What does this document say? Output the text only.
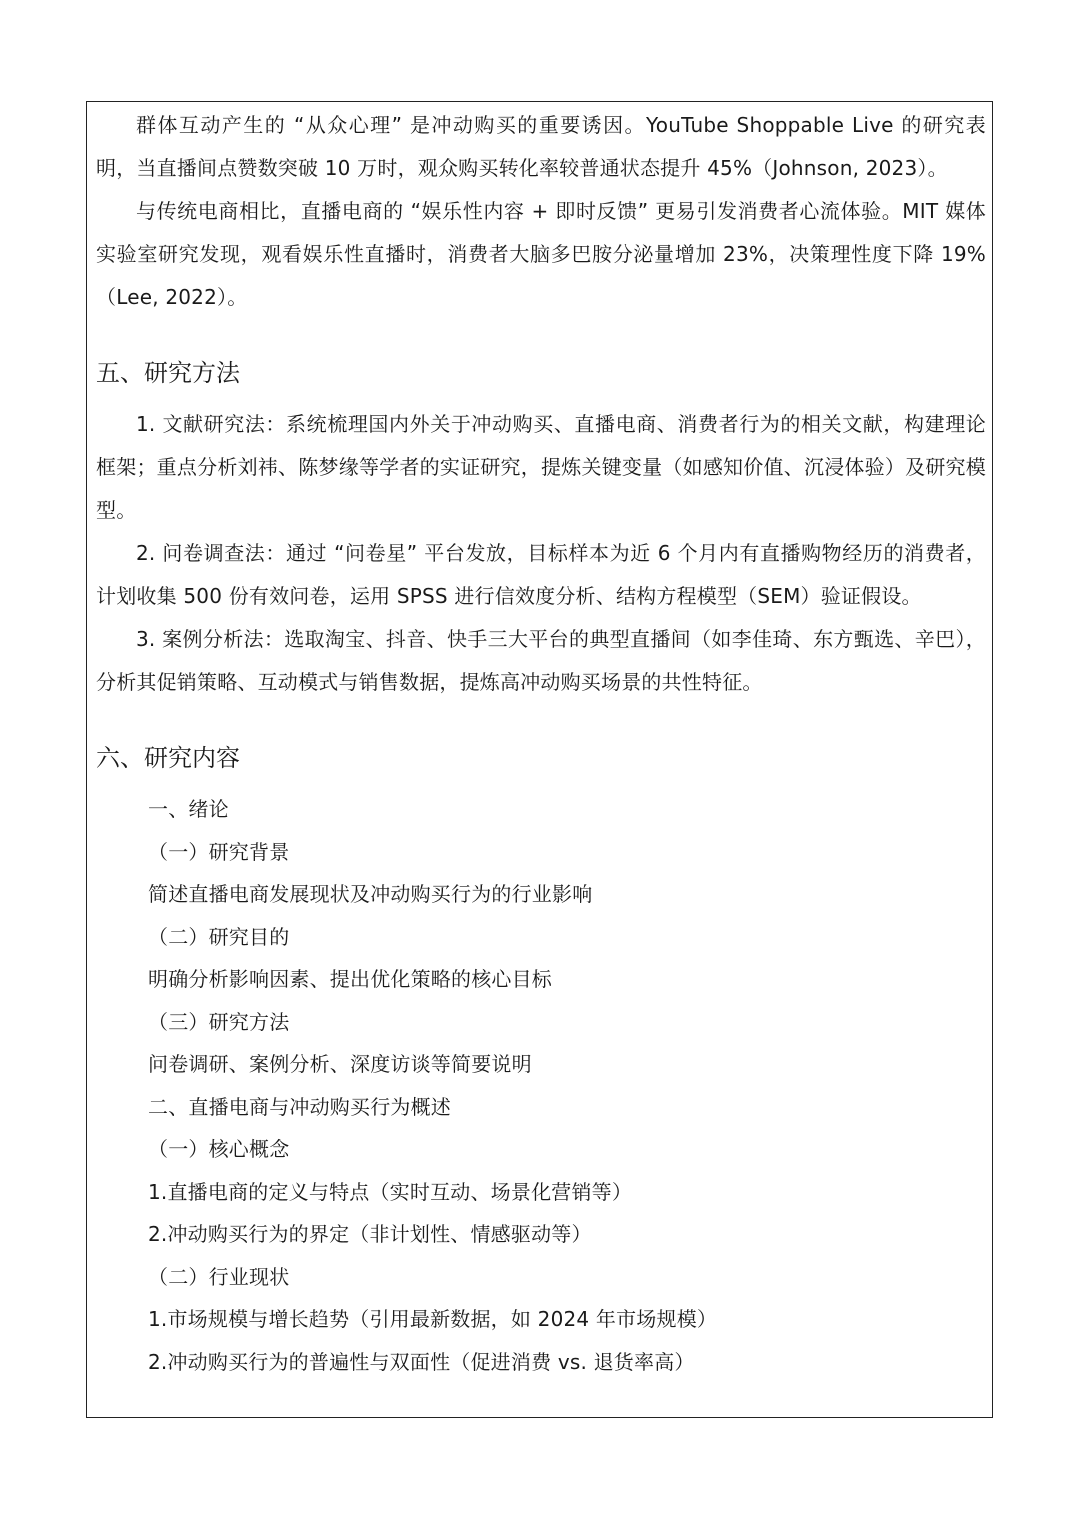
群体互动产生的 “从众心理” 是冲动购买的重要诱因。YouTube Shoppable Live 的研究表明，当直播间点赞数突破 10 万时，观众购买转化率较普通状态提升 45%（Johnson, 2023）。

与传统电商相比，直播电商的 “娱乐性内容 + 即时反馈” 更易引发消费者心流体验。MIT 媒体实验室研究发现，观看娱乐性直播时，消费者大脑多巴胺分泌量增加 23%，决策理性度下降 19%（Lee, 2022）。

五、研究方法

1. 文献研究法：系统梳理国内外关于冲动购买、直播电商、消费者行为的相关文献，构建理论框架；重点分析刘祎、陈梦缘等学者的实证研究，提炼关键变量（如感知价值、沉浸体验）及研究模型。

2. 问卷调查法：通过 “问卷星” 平台发放，目标样本为近 6 个月内有直播购物经历的消费者，计划收集 500 份有效问卷，运用 SPSS 进行信效度分析、结构方程模型（SEM）验证假设。

3. 案例分析法：选取淘宝、抖音、快手三大平台的典型直播间（如李佳琦、东方甄选、辛巴），分析其促销策略、互动模式与销售数据，提炼高冲动购买场景的共性特征。

六、研究内容

一、绪论

（一）研究背景

简述直播电商发展现状及冲动购买行为的行业影响

（二）研究目的

明确分析影响因素、提出优化策略的核心目标

（三）研究方法

问卷调研、案例分析、深度访谈等简要说明

二、直播电商与冲动购买行为概述

（一）核心概念

1.直播电商的定义与特点（实时互动、场景化营销等）

2.冲动购买行为的界定（非计划性、情感驱动等）

（二）行业现状

1.市场规模与增长趋势（引用最新数据，如 2024 年市场规模）

2.冲动购买行为的普遍性与双面性（促进消费 vs. 退货率高）
